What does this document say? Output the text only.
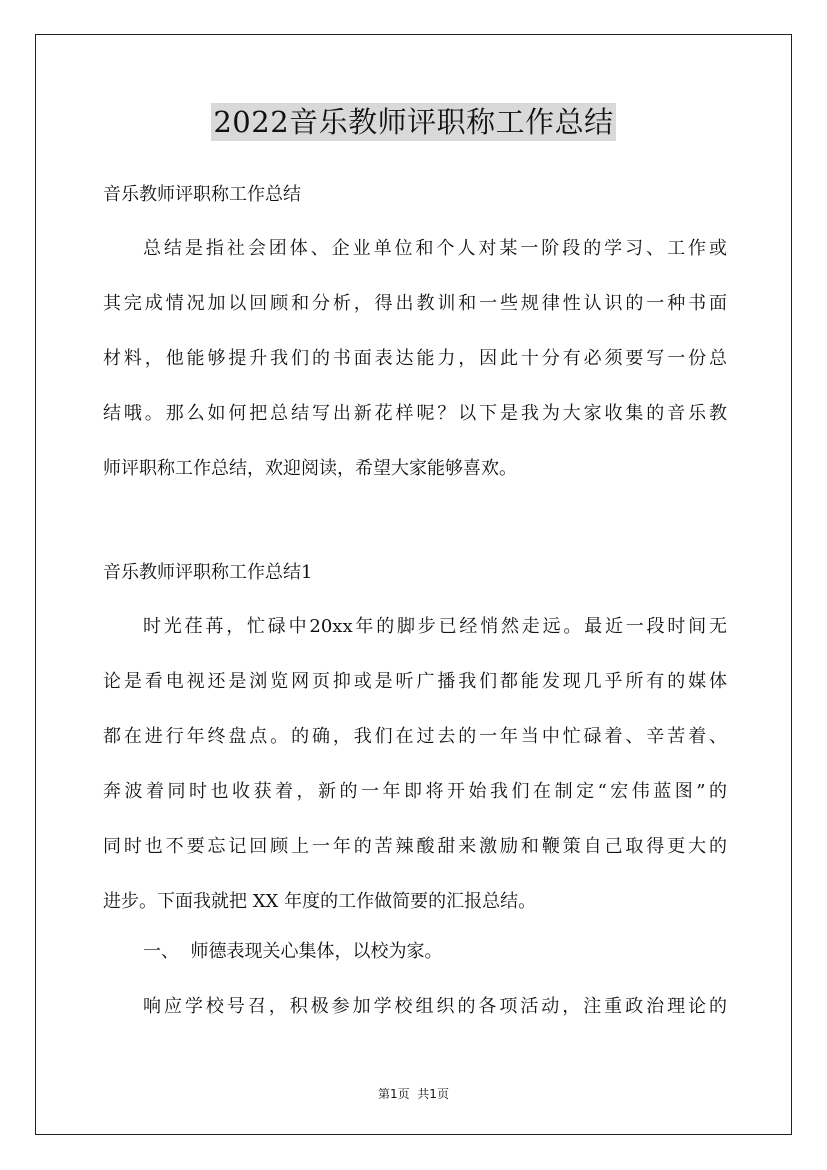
2022音乐教师评职称工作总结
音乐教师评职称工作总结
总结是指社会团体、企业单位和个人对某一阶段的学习、工作或
其完成情况加以回顾和分析，得出教训和一些规律性认识的一种书面
材料，他能够提升我们的书面表达能力，因此十分有必须要写一份总
结哦。那么如何把总结写出新花样呢？以下是我为大家收集的音乐教
师评职称工作总结，欢迎阅读，希望大家能够喜欢。
音乐教师评职称工作总结1
时光荏苒，忙碌中20xx年的脚步已经悄然走远。最近一段时间无
论是看电视还是浏览网页抑或是听广播我们都能发现几乎所有的媒体
都在进行年终盘点。的确，我们在过去的一年当中忙碌着、辛苦着、
奔波着同时也收获着，新的一年即将开始我们在制定“宏伟蓝图”的
同时也不要忘记回顾上一年的苦辣酸甜来激励和鞭策自己取得更大的
进步。下面我就把 XX 年度的工作做简要的汇报总结。
一、  师德表现关心集体，以校为家。
响应学校号召，积极参加学校组织的各项活动，注重政治理论的
第1页  共1页
